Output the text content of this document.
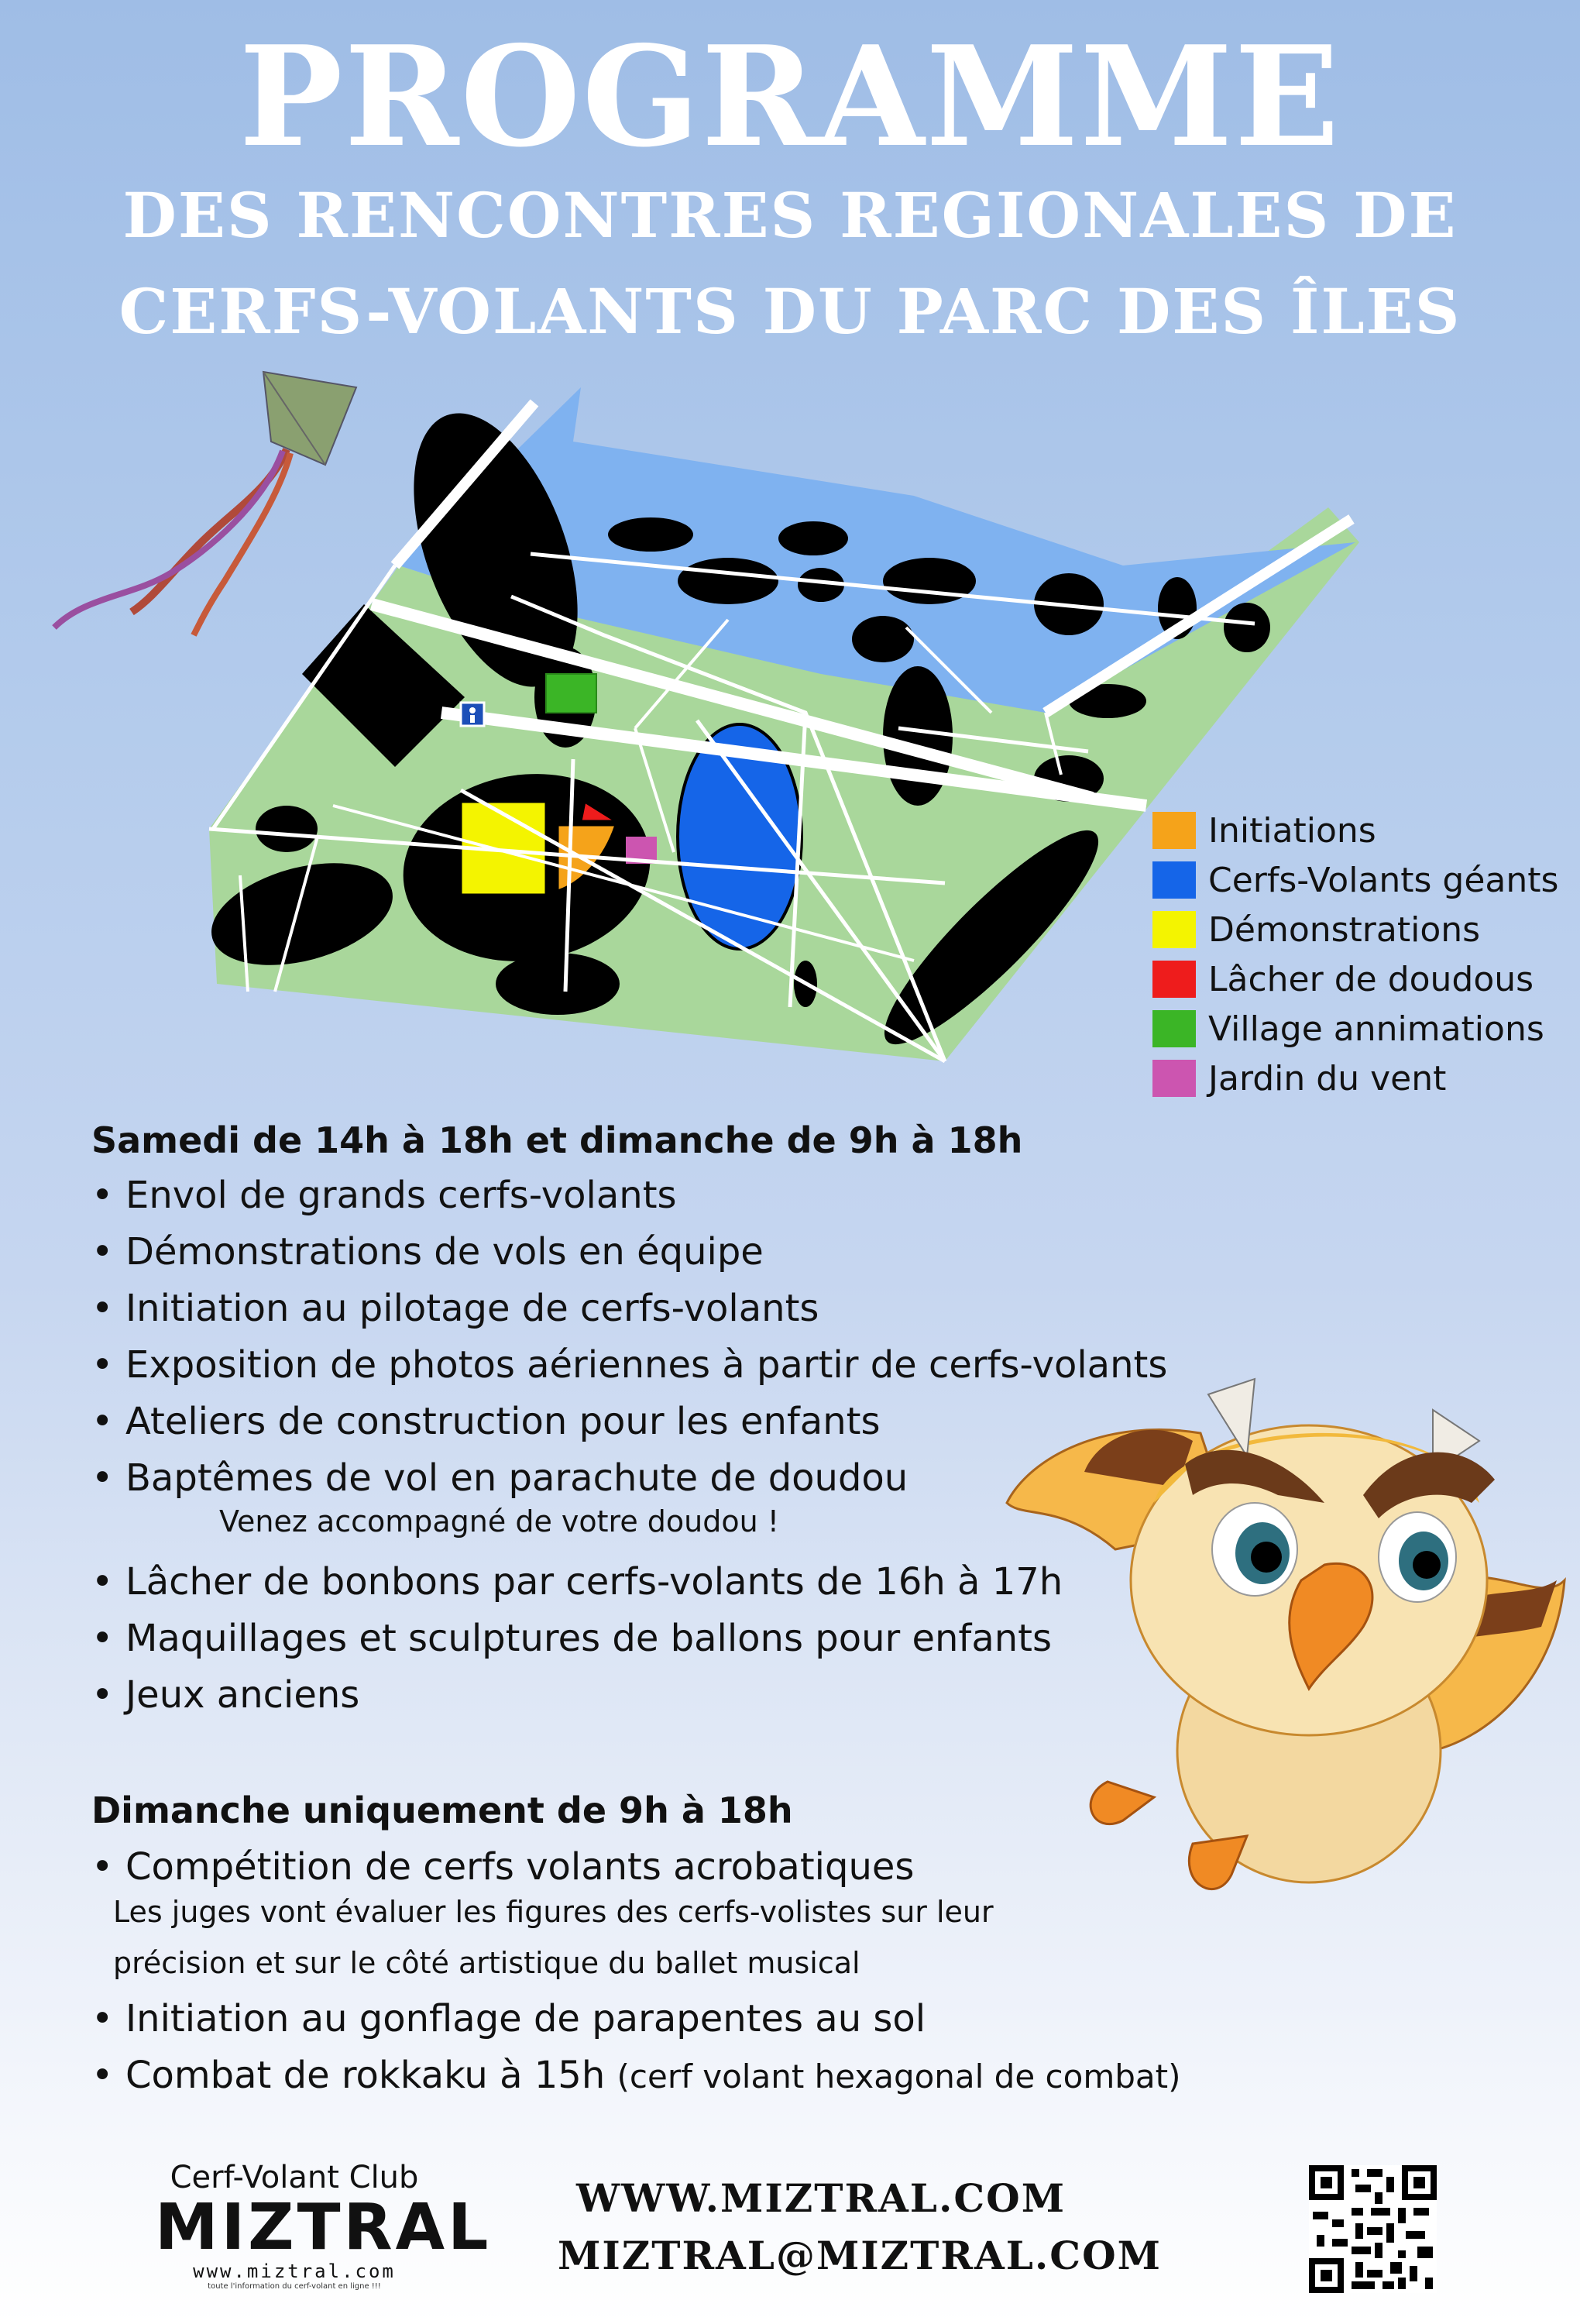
PROGRAMME
DES RENCONTRES REGIONALES DE
CERFS-VOLANTS DU PARC DES ÎLES
Initiations
Cerfs-Volants géants
Démonstrations
Lâcher de doudous
Village annimations
Jardin du vent
Samedi de 14h à 18h et dimanche de 9h à 18h
• Envol de grands cerfs-volants
• Démonstrations de vols en équipe
• Initiation au pilotage de cerfs-volants
• Exposition de photos aériennes à partir de cerfs-volants
• Ateliers de construction pour les enfants
• Baptêmes de vol en parachute de doudou
Venez accompagné de votre doudou !
• Lâcher de bonbons par cerfs-volants de 16h à 17h
• Maquillages et sculptures de ballons pour enfants
• Jeux anciens
Dimanche uniquement de 9h à 18h
• Compétition de cerfs volants acrobatiques
Les juges vont évaluer les figures des cerfs-volistes sur leur
précision et sur le côté artistique du ballet musical
• Initiation au gonflage de parapentes au sol
• Combat de rokkaku à 15h (cerf volant hexagonal de combat)
Cerf-Volant Club
MIZTRAL
www.miztral.com
toute l'information du cerf-volant en ligne !!!
WWW.MIZTRAL.COM
MIZTRAL@MIZTRAL.COM
